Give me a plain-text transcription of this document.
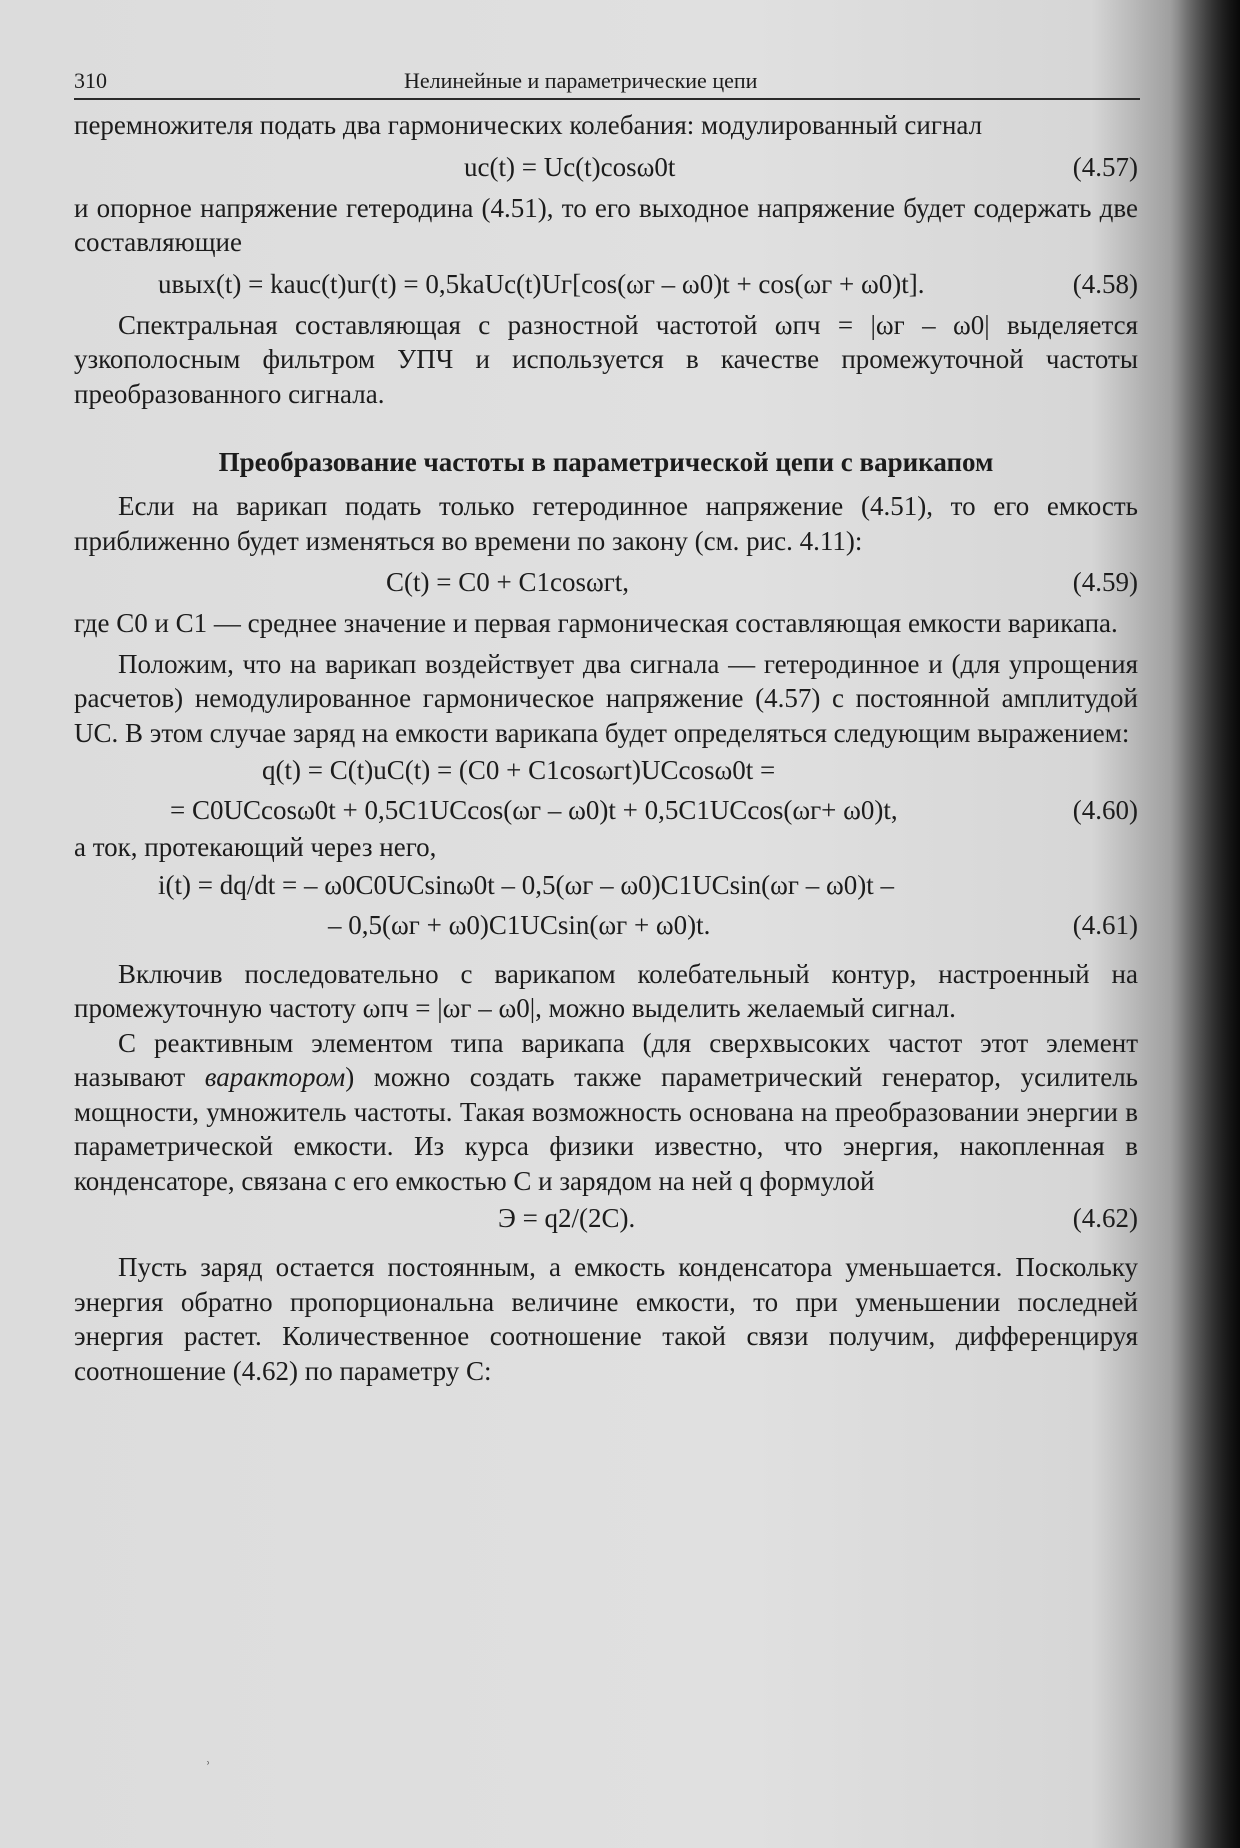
310	Нелинейные и параметрические цепи

перемножителя подать два гармонических колебания: модулированный сигнал

uc(t) = Uc(t)cosω0t	(4.57)

и опорное напряжение гетеродина (4.51), то его выходное напряжение будет содержать две составляющие

uвых(t) = kauc(t)uг(t) = 0,5kaUc(t)Uг[cos(ωг – ω0)t + cos(ωг + ω0)t].	(4.58)

Спектральная составляющая с разностной частотой ωпч = |ωг – ω0| выделяется узкополосным фильтром УПЧ и используется в качестве промежуточной частоты преобразованного сигнала.

Преобразование частоты в параметрической цепи с варикапом

Если на варикап подать только гетеродинное напряжение (4.51), то его емкость приближенно будет изменяться во времени по закону (см. рис. 4.11):

C(t) = C0 + C1cosωгt,	(4.59)

где C0 и C1 — среднее значение и первая гармоническая составляющая емкости варикапа.

Положим, что на варикап воздействует два сигнала — гетеродинное и (для упрощения расчетов) немодулированное гармоническое напряжение (4.57) с постоянной амплитудой UC. В этом случае заряд на емкости варикапа будет определяться следующим выражением:

q(t) = C(t)uC(t) = (C0 + C1cosωгt)UCcosω0t =
= C0UCcosω0t + 0,5C1UCcos(ωг – ω0)t + 0,5C1UCcos(ωг+ ω0)t,	(4.60)

а ток, протекающий через него,

i(t) = dq/dt = – ω0C0UCsinω0t – 0,5(ωг – ω0)C1UCsin(ωг – ω0)t –
– 0,5(ωг + ω0)C1UCsin(ωг + ω0)t.	(4.61)

Включив последовательно с варикапом колебательный контур, настроенный на промежуточную частоту ωпч = |ωг – ω0|, можно выделить желаемый сигнал.

С реактивным элементом типа варикапа (для сверхвысоких частот этот элемент называют варактором) можно создать также параметрический генератор, усилитель мощности, умножитель частоты. Такая возможность основана на преобразовании энергии в параметрической емкости. Из курса физики известно, что энергия, накопленная в конденсаторе, связана с его емкостью C и зарядом на ней q формулой

Э = q2/(2C).	(4.62)

Пусть заряд остается постоянным, а емкость конденсатора уменьшается. Поскольку энергия обратно пропорциональна величине емкости, то при уменьшении последней энергия растет. Количественное соотношение такой связи получим, дифференцируя соотношение (4.62) по параметру C:

ʾ
